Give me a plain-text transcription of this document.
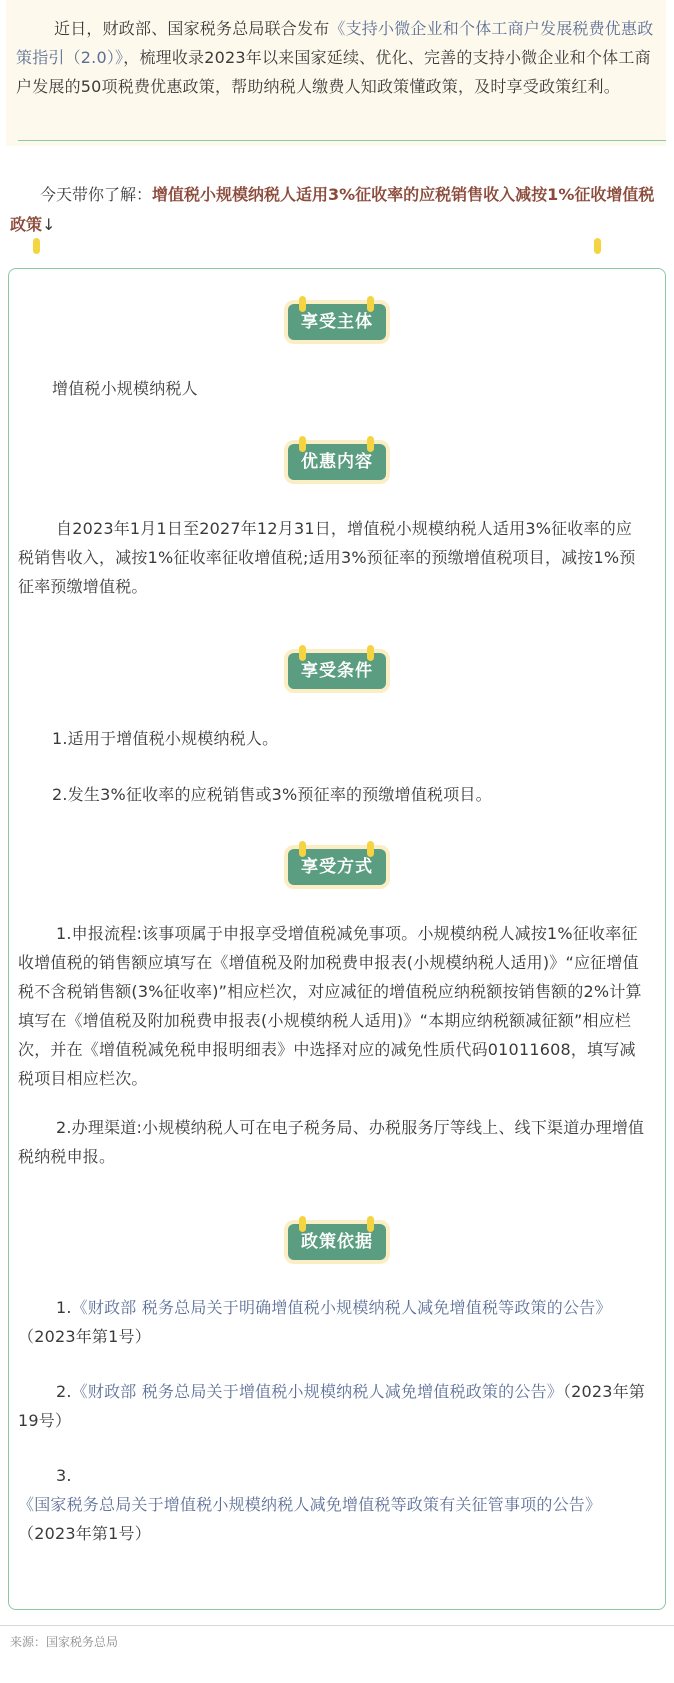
近日，财政部、国家税务总局联合发布《支持小微企业和个体工商户发展税费优惠政策指引（2.0）》，梳理收录2023年以来国家延续、优化、完善的支持小微企业和个体工商户发展的50项税费优惠政策，帮助纳税人缴费人知政策懂政策，及时享受政策红利。

今天带你了解：增值税小规模纳税人适用3%征收率的应税销售收入减按1%征收增值税政策↓

享受主体

增值税小规模纳税人

优惠内容

自2023年1月1日至2027年12月31日，增值税小规模纳税人适用3%征收率的应税销售收入，减按1%征收率征收增值税;适用3%预征率的预缴增值税项目，减按1%预征率预缴增值税。

享受条件

1.适用于增值税小规模纳税人。

2.发生3%征收率的应税销售或3%预征率的预缴增值税项目。

享受方式

1.申报流程:该事项属于申报享受增值税减免事项。小规模纳税人减按1%征收率征收增值税的销售额应填写在《增值税及附加税费申报表(小规模纳税人适用)》“应征增值税不含税销售额(3%征收率)”相应栏次，对应减征的增值税应纳税额按销售额的2%计算填写在《增值税及附加税费申报表(小规模纳税人适用)》“本期应纳税额减征额”相应栏次，并在《增值税减免税申报明细表》中选择对应的减免性质代码01011608，填写减税项目相应栏次。

2.办理渠道:小规模纳税人可在电子税务局、办税服务厅等线上、线下渠道办理增值税纳税申报。

政策依据

1.《财政部 税务总局关于明确增值税小规模纳税人减免增值税等政策的公告》（2023年第1号）

2.《财政部 税务总局关于增值税小规模纳税人减免增值税政策的公告》（2023年第19号）

3.《国家税务总局关于增值税小规模纳税人减免增值税等政策有关征管事项的公告》（2023年第1号）

来源：国家税务总局
